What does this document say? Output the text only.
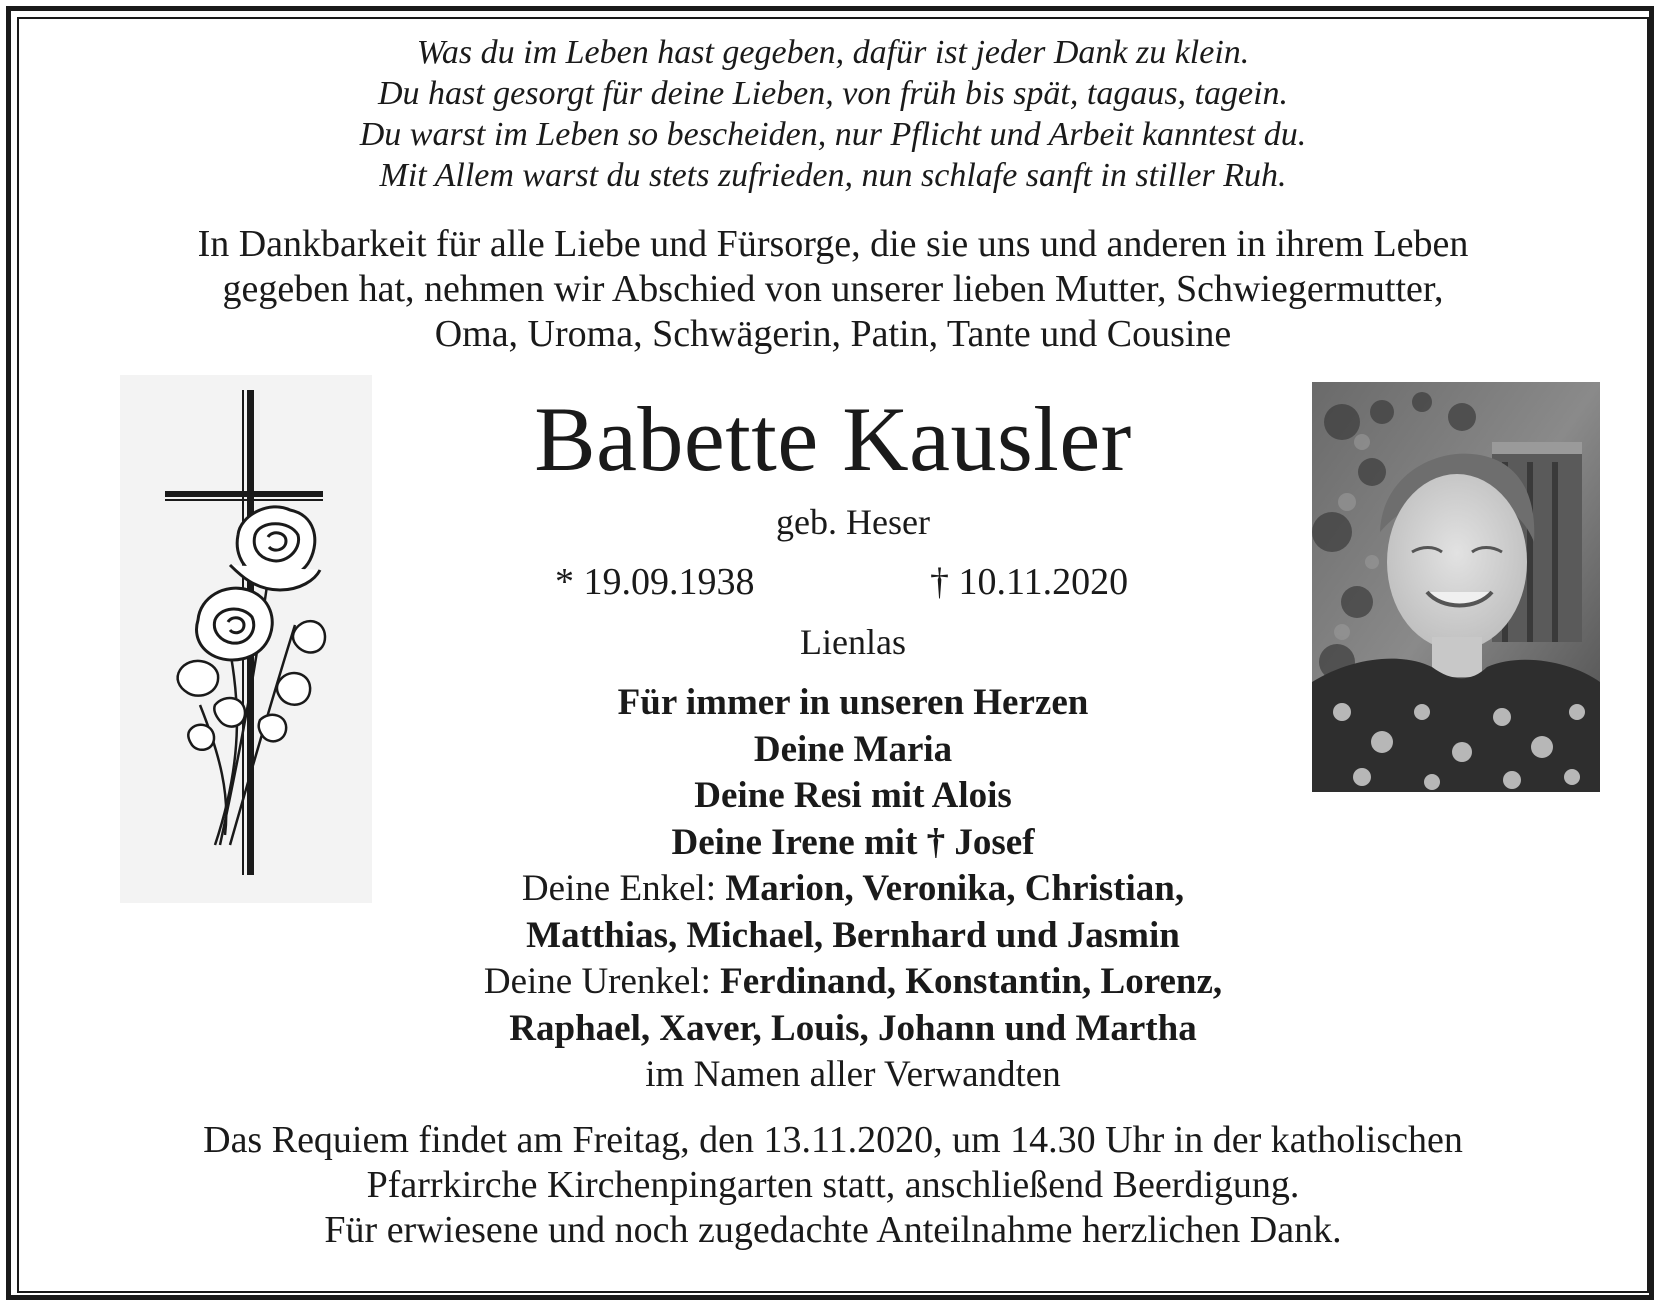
Was du im Leben hast gegeben, dafür ist jeder Dank zu klein.
Du hast gesorgt für deine Lieben, von früh bis spät, tagaus, tagein.
Du warst im Leben so bescheiden, nur Pflicht und Arbeit kanntest du.
Mit Allem warst du stets zufrieden, nun schlafe sanft in stiller Ruh.
In Dankbarkeit für alle Liebe und Fürsorge, die sie uns und anderen in ihrem Leben
gegeben hat, nehmen wir Abschied von unserer lieben Mutter, Schwiegermutter,
Oma, Uroma, Schwägerin, Patin, Tante und Cousine
Babette Kausler
geb. Heser
* 19.09.1938	† 10.11.2020
Lienlas
Für immer in unseren Herzen
Deine Maria
Deine Resi mit Alois
Deine Irene mit † Josef
Deine Enkel: Marion, Veronika, Christian,
Matthias, Michael, Bernhard und Jasmin
Deine Urenkel: Ferdinand, Konstantin, Lorenz,
Raphael, Xaver, Louis, Johann und Martha
im Namen aller Verwandten
Das Requiem findet am Freitag, den 13.11.2020, um 14.30 Uhr in der katholischen
Pfarrkirche Kirchenpingarten statt, anschließend Beerdigung.
Für erwiesene und noch zugedachte Anteilnahme herzlichen Dank.
